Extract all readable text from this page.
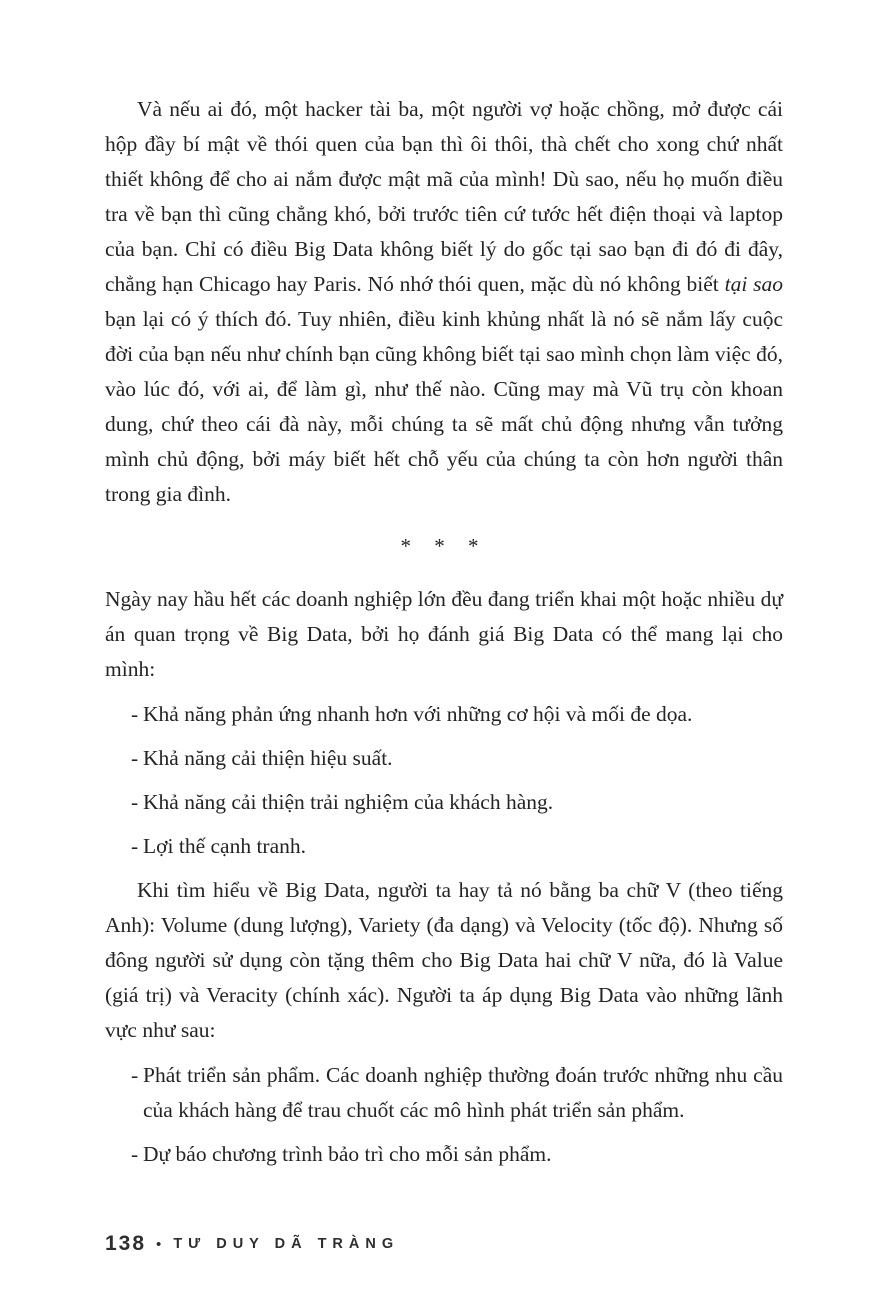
Và nếu ai đó, một hacker tài ba, một người vợ hoặc chồng, mở được cái hộp đầy bí mật về thói quen của bạn thì ôi thôi, thà chết cho xong chứ nhất thiết không để cho ai nắm được mật mã của mình! Dù sao, nếu họ muốn điều tra về bạn thì cũng chẳng khó, bởi trước tiên cứ tước hết điện thoại và laptop của bạn. Chỉ có điều Big Data không biết lý do gốc tại sao bạn đi đó đi đây, chẳng hạn Chicago hay Paris. Nó nhớ thói quen, mặc dù nó không biết tại sao bạn lại có ý thích đó. Tuy nhiên, điều kinh khủng nhất là nó sẽ nắm lấy cuộc đời của bạn nếu như chính bạn cũng không biết tại sao mình chọn làm việc đó, vào lúc đó, với ai, để làm gì, như thế nào. Cũng may mà Vũ trụ còn khoan dung, chứ theo cái đà này, mỗi chúng ta sẽ mất chủ động nhưng vẫn tưởng mình chủ động, bởi máy biết hết chỗ yếu của chúng ta còn hơn người thân trong gia đình.

* * *

Ngày nay hầu hết các doanh nghiệp lớn đều đang triển khai một hoặc nhiều dự án quan trọng về Big Data, bởi họ đánh giá Big Data có thể mang lại cho mình:

- Khả năng phản ứng nhanh hơn với những cơ hội và mối đe dọa.
- Khả năng cải thiện hiệu suất.
- Khả năng cải thiện trải nghiệm của khách hàng.
- Lợi thế cạnh tranh.

Khi tìm hiểu về Big Data, người ta hay tả nó bằng ba chữ V (theo tiếng Anh): Volume (dung lượng), Variety (đa dạng) và Velocity (tốc độ). Nhưng số đông người sử dụng còn tặng thêm cho Big Data hai chữ V nữa, đó là Value (giá trị) và Veracity (chính xác). Người ta áp dụng Big Data vào những lãnh vực như sau:

- Phát triển sản phẩm. Các doanh nghiệp thường đoán trước những nhu cầu của khách hàng để trau chuốt các mô hình phát triển sản phẩm.
- Dự báo chương trình bảo trì cho mỗi sản phẩm.
138 • TƯ DUY DÃ TRÀNG
